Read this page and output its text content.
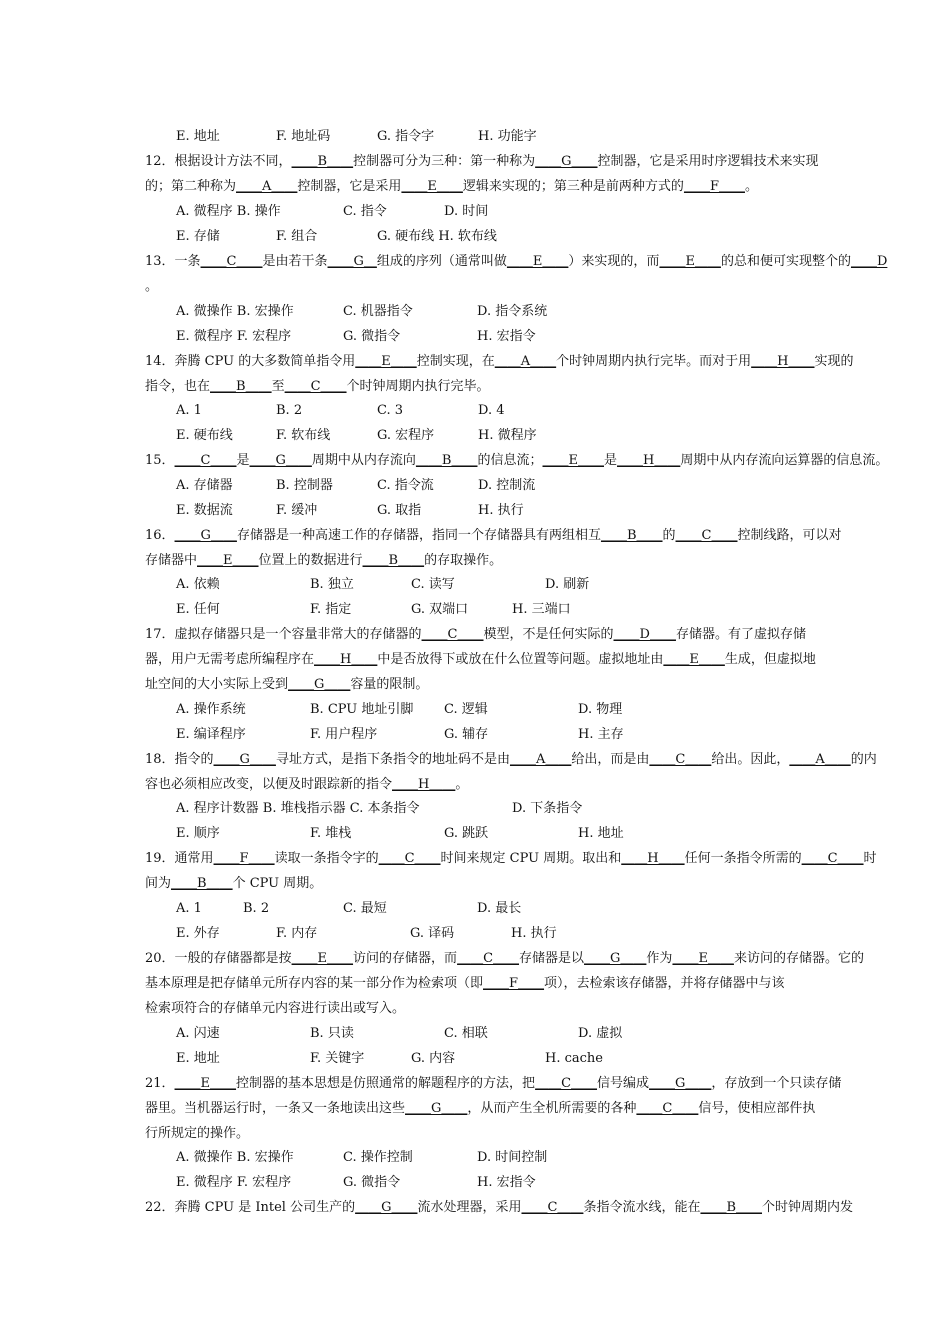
E. 地址	F. 地址码	G. 指令字	H. 功能字
12．根据设计方法不同，＿＿B＿＿控制器可分为三种：第一种称为＿＿G＿＿控制器，它是采用时序逻辑技术来实现
的；第二种称为＿＿A＿＿控制器，它是采用＿＿E＿＿逻辑来实现的；第三种是前两种方式的＿＿F＿＿。
A. 微程序 B. 操作	C. 指令	D. 时间
E. 存储	F. 组合	G. 硬布线 H. 软布线
13．一条＿＿C＿＿是由若干条＿＿G＿组成的序列（通常叫做＿＿E＿＿）来实现的，而＿＿E＿＿的总和便可实现整个的＿＿D
。
A. 微操作 B. 宏操作	C. 机器指令	D. 指令系统
E. 微程序 F. 宏程序	G. 微指令	H. 宏指令
14．奔腾 CPU 的大多数简单指令用＿＿E＿＿控制实现，在＿＿A＿＿个时钟周期内执行完毕。而对于用＿＿H＿＿实现的
指令，也在＿＿B＿＿至＿＿C＿＿个时钟周期内执行完毕。
A. 1	B. 2	C. 3	D. 4
E. 硬布线	F. 软布线	G. 宏程序	H. 微程序
15．＿＿C＿＿是＿＿G＿＿周期中从内存流向＿＿B＿＿的信息流；＿＿E＿＿是＿＿H＿＿周期中从内存流向运算器的信息流。
A. 存储器	B. 控制器	C. 指令流	D. 控制流
E. 数据流	F. 缓冲	G. 取指	H. 执行
16．＿＿G＿＿存储器是一种高速工作的存储器，指同一个存储器具有两组相互＿＿B＿＿的＿＿C＿＿控制线路，可以对
存储器中＿＿E＿＿位置上的数据进行＿＿B＿＿的存取操作。
A. 依赖	B. 独立	C. 读写	D. 刷新
E. 任何	F. 指定	G. 双端口	H. 三端口
17．虚拟存储器只是一个容量非常大的存储器的＿＿C＿＿模型，不是任何实际的＿＿D＿＿存储器。有了虚拟存储
器，用户无需考虑所编程序在＿＿H＿＿中是否放得下或放在什么位置等问题。虚拟地址由＿＿E＿＿生成，但虚拟地
址空间的大小实际上受到＿＿G＿＿容量的限制。
A. 操作系统	B. CPU 地址引脚 C. 逻辑	D. 物理
E. 编译程序	F. 用户程序	G. 辅存	H. 主存
18．指令的＿＿G＿＿寻址方式，是指下条指令的地址码不是由＿＿A＿＿给出，而是由＿＿C＿＿给出。因此，＿＿A＿＿的内
容也必须相应改变，以便及时跟踪新的指令＿＿H＿＿。
A. 程序计数器 B. 堆栈指示器 C. 本条指令	D. 下条指令
E. 顺序	F. 堆栈	G. 跳跃	H. 地址
19．通常用＿＿F＿＿读取一条指令字的＿＿C＿＿时间来规定 CPU 周期。取出和＿＿H＿＿任何一条指令所需的＿＿C＿＿时
间为＿＿B＿＿个 CPU 周期。
A. 1	B. 2	C. 最短	D. 最长
E. 外存	F. 内存	G. 译码	H. 执行
20．一般的存储器都是按＿＿E＿＿访问的存储器，而＿＿C＿＿存储器是以＿＿G＿＿作为＿＿E＿＿来访问的存储器。它的
基本原理是把存储单元所存内容的某一部分作为检索项（即＿＿F＿＿项），去检索该存储器，并将存储器中与该
检索项符合的存储单元内容进行读出或写入。
A. 闪速	B. 只读	C. 相联	D. 虚拟
E. 地址	F. 关键字	G. 内容	H. cache
21．＿＿E＿＿控制器的基本思想是仿照通常的解题程序的方法，把＿＿C＿＿信号编成＿＿G＿＿，存放到一个只读存储
器里。当机器运行时，一条又一条地读出这些＿＿G＿＿，从而产生全机所需要的各种＿＿C＿＿信号，使相应部件执
行所规定的操作。
A. 微操作 B. 宏操作	C. 操作控制	D. 时间控制
E. 微程序 F. 宏程序	G. 微指令	H. 宏指令
22．奔腾 CPU 是 Intel 公司生产的＿＿G＿＿流水处理器，采用＿＿C＿＿条指令流水线，能在＿＿B＿＿个时钟周期内发
